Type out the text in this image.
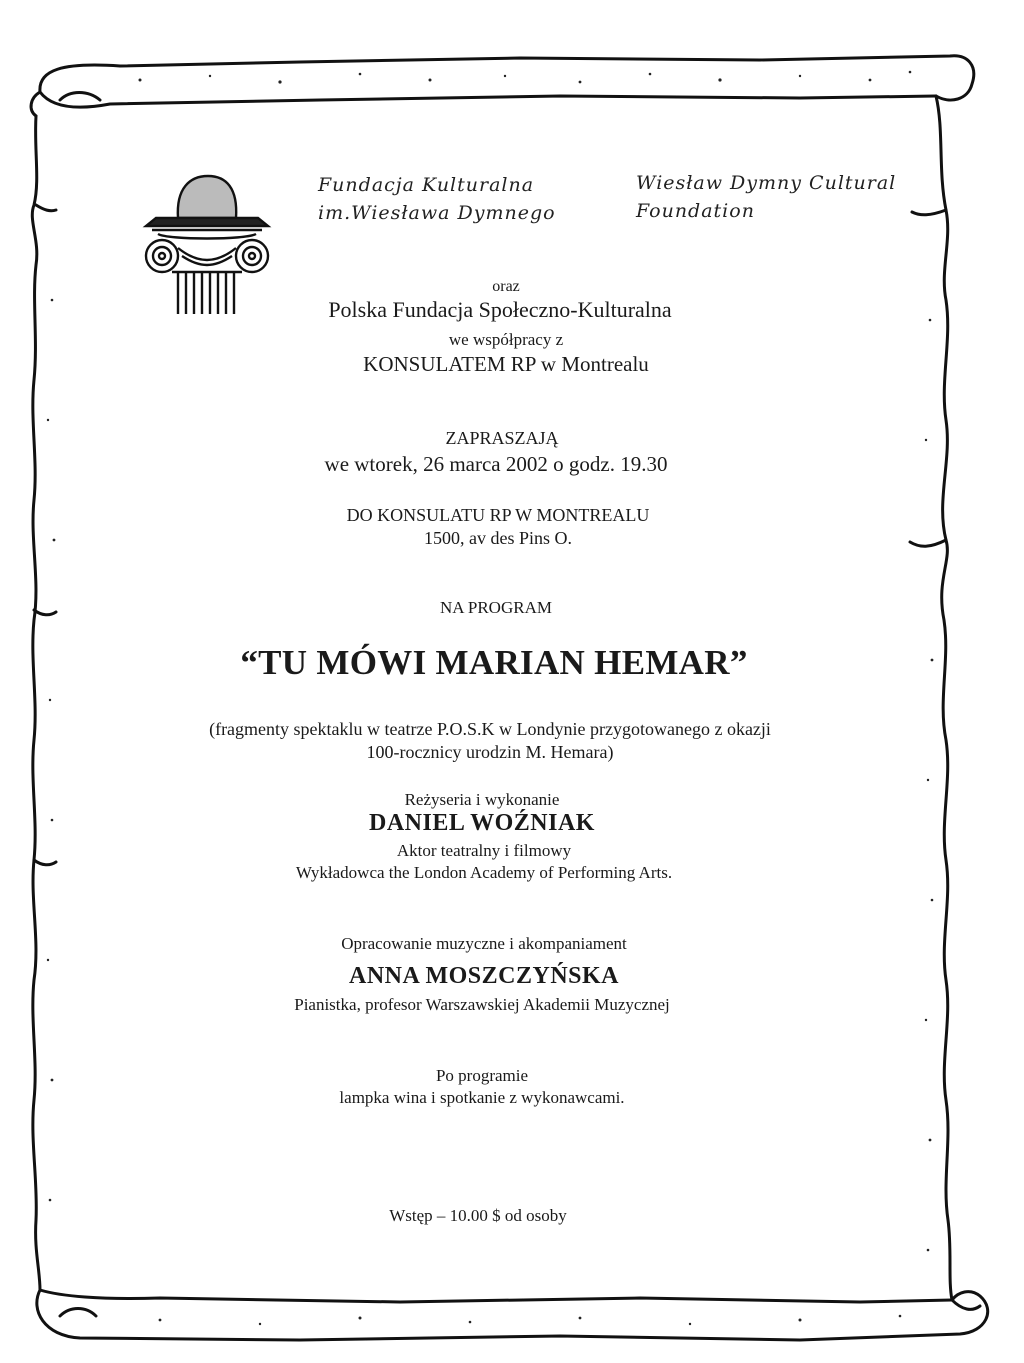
Fundacja Kulturalna
im.Wiesława Dymnego
Wiesław Dymny Cultural
Foundation

oraz

Polska Fundacja Społeczno-Kulturalna

we współpracy z

KONSULATEM RP w Montrealu

ZAPRASZAJĄ

we wtorek, 26 marca 2002 o godz. 19.30

DO KONSULATU RP W MONTREALU

1500, av des Pins O.

NA PROGRAM

“TU MÓWI MARIAN HEMAR”

(fragmenty spektaklu w teatrze P.O.S.K w Londynie przygotowanego z okazji

100-rocznicy urodzin M. Hemara)

Reżyseria i wykonanie

DANIEL WOŹNIAK

Aktor teatralny i filmowy

Wykładowca the London Academy of Performing Arts.

Opracowanie muzyczne i akompaniament

ANNA MOSZCZYŃSKA

Pianistka, profesor Warszawskiej Akademii Muzycznej

Po programie

lampka wina i spotkanie z wykonawcami.

Wstęp – 10.00 $ od osoby
